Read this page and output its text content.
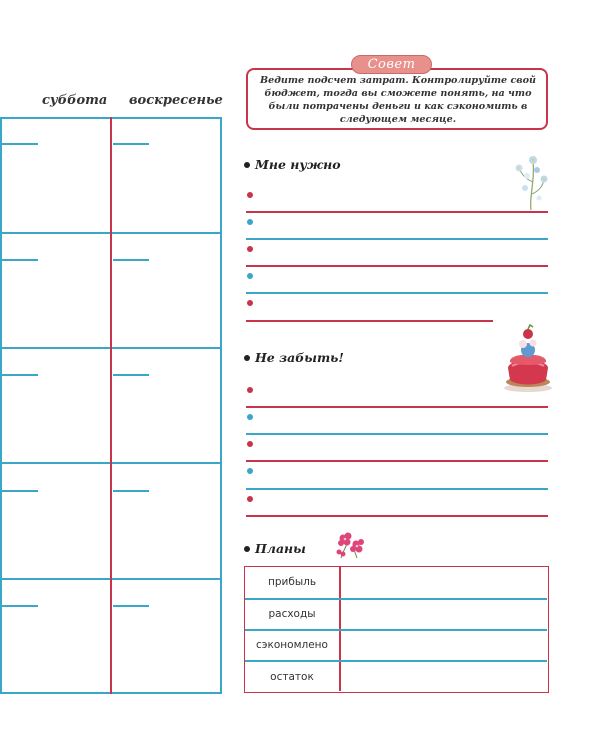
суббота воскресенье
Совет
Ведите подсчет затрат. Контролируйте свой бюджет, тогда вы сможете понять, на что были потрачены деньги и как сэкономить в следующем месяце.
Мне нужно
Не забыть!
Планы
прибыль
расходы
сэкономлено
остаток
